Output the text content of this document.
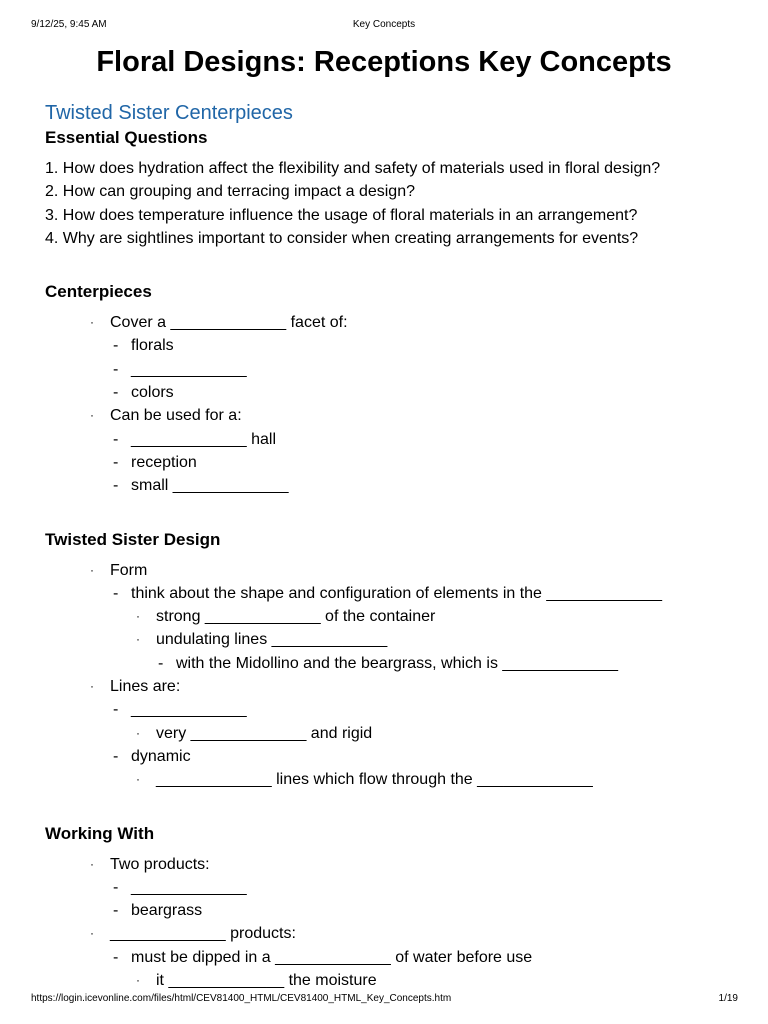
9/12/25, 9:45 AM	Key Concepts
Floral Designs: Receptions Key Concepts
Twisted Sister Centerpieces
Essential Questions
1. How does hydration affect the flexibility and safety of materials used in floral design?
2. How can grouping and terracing impact a design?
3. How does temperature influence the usage of floral materials in an arrangement?
4. Why are sightlines important to consider when creating arrangements for events?
Centerpieces
· Cover a _____________ facet of:
- florals
- _____________
- colors
· Can be used for a:
- _____________ hall
- reception
- small _____________
Twisted Sister Design
· Form
- think about the shape and configuration of elements in the _____________
· strong _____________ of the container
· undulating lines _____________
- with the Midollino and the beargrass, which is _____________
· Lines are:
- _____________
· very _____________ and rigid
- dynamic
· _____________ lines which flow through the _____________
Working With
· Two products:
- _____________
- beargrass
· _____________ products:
- must be dipped in a _____________ of water before use
· it _____________ the moisture
https://login.icevonline.com/files/html/CEV81400_HTML/CEV81400_HTML_Key_Concepts.htm	1/19
